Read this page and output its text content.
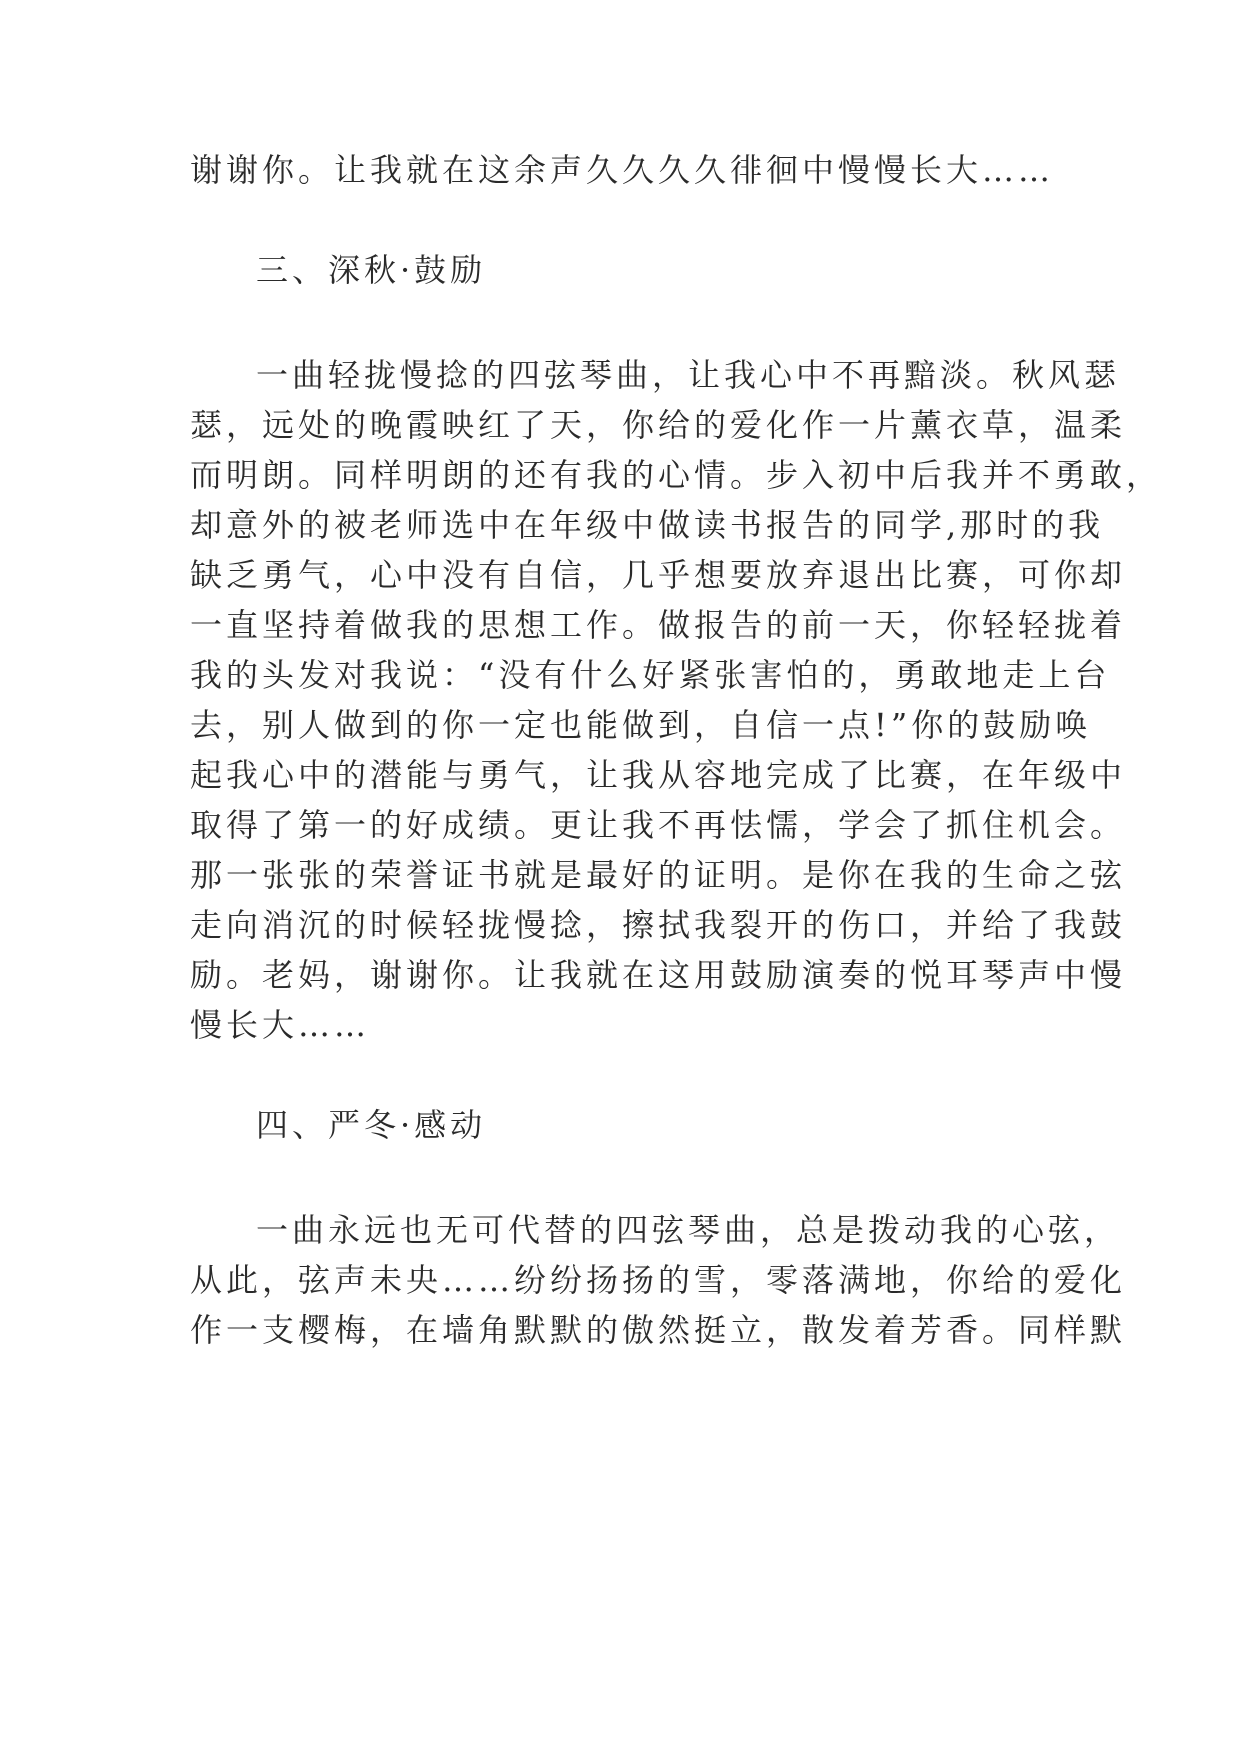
谢谢你。让我就在这余声久久久久徘徊中慢慢长大……
三、深秋·鼓励
一曲轻拢慢捻的四弦琴曲，让我心中不再黯淡。秋风瑟
瑟，远处的晚霞映红了天，你给的爱化作一片薰衣草，温柔
而明朗。同样明朗的还有我的心情。步入初中后我并不勇敢，
却意外的被老师选中在年级中做读书报告的同学,那时的我
缺乏勇气，心中没有自信，几乎想要放弃退出比赛，可你却
一直坚持着做我的思想工作。做报告的前一天，你轻轻拢着
我的头发对我说：“没有什么好紧张害怕的，勇敢地走上台
去，别人做到的你一定也能做到，自信一点!”你的鼓励唤
起我心中的潜能与勇气，让我从容地完成了比赛，在年级中
取得了第一的好成绩。更让我不再怯懦，学会了抓住机会。
那一张张的荣誉证书就是最好的证明。是你在我的生命之弦
走向消沉的时候轻拢慢捻，擦拭我裂开的伤口，并给了我鼓
励。老妈，谢谢你。让我就在这用鼓励演奏的悦耳琴声中慢
慢长大……
四、严冬·感动
一曲永远也无可代替的四弦琴曲，总是拨动我的心弦，
从此，弦声未央……纷纷扬扬的雪，零落满地，你给的爱化
作一支樱梅，在墙角默默的傲然挺立，散发着芳香。同样默
